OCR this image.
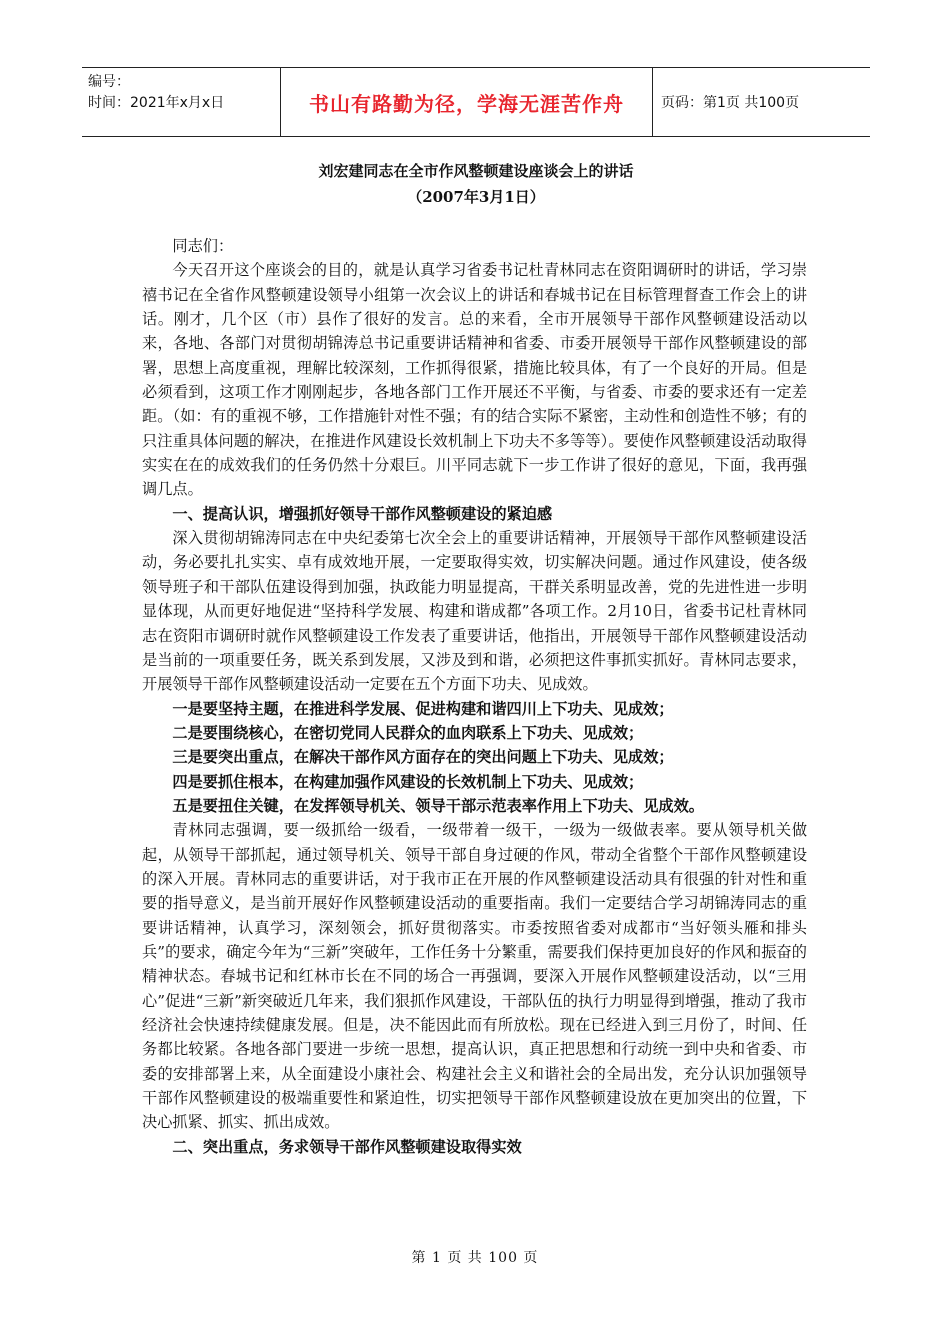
编号：
时间：2021年x月x日	书山有路勤为径，学海无涯苦作舟	页码：第1页 共100页
刘宏建同志在全市作风整顿建设座谈会上的讲话
（2007年3月1日）

同志们：

今天召开这个座谈会的目的，就是认真学习省委书记杜青林同志在资阳调研时的讲话，学习崇禧书记在全省作风整顿建设领导小组第一次会议上的讲话和春城书记在目标管理督查工作会上的讲话。刚才，几个区（市）县作了很好的发言。总的来看，全市开展领导干部作风整顿建设活动以来，各地、各部门对贯彻胡锦涛总书记重要讲话精神和省委、市委开展领导干部作风整顿建设的部署，思想上高度重视，理解比较深刻，工作抓得很紧，措施比较具体，有了一个良好的开局。但是必须看到，这项工作才刚刚起步，各地各部门工作开展还不平衡，与省委、市委的要求还有一定差距。（如：有的重视不够，工作措施针对性不强；有的结合实际不紧密，主动性和创造性不够；有的只注重具体问题的解决，在推进作风建设长效机制上下功夫不多等等）。要使作风整顿建设活动取得实实在在的成效我们的任务仍然十分艰巨。川平同志就下一步工作讲了很好的意见，下面，我再强调几点。

一、提高认识，增强抓好领导干部作风整顿建设的紧迫感

深入贯彻胡锦涛同志在中央纪委第七次全会上的重要讲话精神，开展领导干部作风整顿建设活动，务必要扎扎实实、卓有成效地开展，一定要取得实效，切实解决问题。通过作风建设，使各级领导班子和干部队伍建设得到加强，执政能力明显提高，干群关系明显改善，党的先进性进一步明显体现，从而更好地促进“坚持科学发展、构建和谐成都”各项工作。2月10日，省委书记杜青林同志在资阳市调研时就作风整顿建设工作发表了重要讲话，他指出，开展领导干部作风整顿建设活动是当前的一项重要任务，既关系到发展，又涉及到和谐，必须把这件事抓实抓好。青林同志要求，开展领导干部作风整顿建设活动一定要在五个方面下功夫、见成效。

一是要坚持主题，在推进科学发展、促进构建和谐四川上下功夫、见成效；

二是要围绕核心，在密切党同人民群众的血肉联系上下功夫、见成效；

三是要突出重点，在解决干部作风方面存在的突出问题上下功夫、见成效；

四是要抓住根本，在构建加强作风建设的长效机制上下功夫、见成效；

五是要扭住关键，在发挥领导机关、领导干部示范表率作用上下功夫、见成效。

青林同志强调，要一级抓给一级看，一级带着一级干，一级为一级做表率。要从领导机关做起，从领导干部抓起，通过领导机关、领导干部自身过硬的作风，带动全省整个干部作风整顿建设的深入开展。青林同志的重要讲话，对于我市正在开展的作风整顿建设活动具有很强的针对性和重要的指导意义，是当前开展好作风整顿建设活动的重要指南。我们一定要结合学习胡锦涛同志的重要讲话精神，认真学习，深刻领会，抓好贯彻落实。市委按照省委对成都市“当好领头雁和排头兵”的要求，确定今年为“三新”突破年，工作任务十分繁重，需要我们保持更加良好的作风和振奋的精神状态。春城书记和红林市长在不同的场合一再强调，要深入开展作风整顿建设活动，以“三用心”促进“三新”新突破近几年来，我们狠抓作风建设，干部队伍的执行力明显得到增强，推动了我市经济社会快速持续健康发展。但是，决不能因此而有所放松。现在已经进入到三月份了，时间、任务都比较紧。各地各部门要进一步统一思想，提高认识，真正把思想和行动统一到中央和省委、市委的安排部署上来，从全面建设小康社会、构建社会主义和谐社会的全局出发，充分认识加强领导干部作风整顿建设的极端重要性和紧迫性，切实把领导干部作风整顿建设放在更加突出的位置，下决心抓紧、抓实、抓出成效。

二、突出重点，务求领导干部作风整顿建设取得实效

第 1 页 共 100 页
